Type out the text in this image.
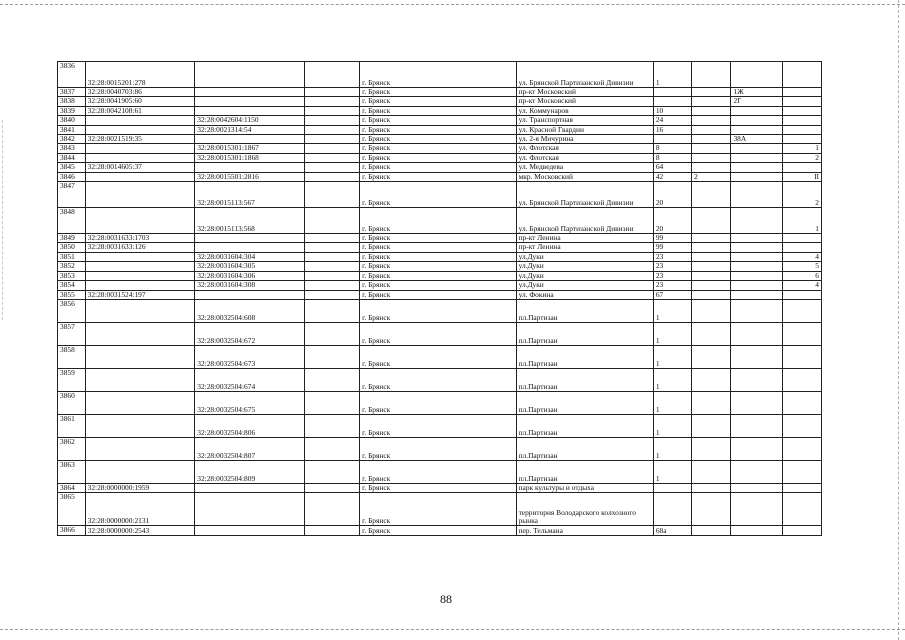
3836	32:28:0015201:278			г. Брянск	ул. Брянской Партизанской Дивизии	1			
3837	32:28:0040703:86			г. Брянск	пр-кт Московский			1Ж	
3838	32:28:0041905:60			г. Брянск	пр-кт Московский			2Г	
3839	32:28:0042108:61			г. Брянск	ул. Коммунаров	10			
3840		32:28:0042604:1150		г. Брянск	ул. Транспортная	24			
3841		32:28:0021314:54		г. Брянск	ул. Красной Гвардии	16			
3842	32:28:0021519:35			г. Брянск	ул. 2-я Мичурина			38А	
3843		32:28:0015301:1867		г. Брянск	ул. Флотская	8			1
3844		32:28:0015301:1868		г. Брянск	ул. Флотская	8			2
3845	32:28:0014605:37			г. Брянск	ул. Медведева	64			
3846		32:28:0015501:2816		г. Брянск	мкр. Московский	42	2		II
3847		32:28:0015113:567		г. Брянск	ул. Брянской Партизанской Дивизии	20			2
3848		32:28:0015113:568		г. Брянск	ул. Брянской Партизанской Дивизии	20			1
3849	32:28:0031633:1703			г. Брянск	пр-кт Ленина	99			
3850	32:28:0031633:126			г. Брянск	пр-кт Ленина	99			
3851		32:28:0031604:304		г. Брянск	ул.Дуки	23			4
3852		32:28:0031604:305		г. Брянск	ул.Дуки	23			5
3853		32:28:0031604:306		г. Брянск	ул.Дуки	23			6
3854		32:28:0031604:308		г. Брянск	ул.Дуки	23			4
3855	32:28:0031524:197			г. Брянск	ул. Фокина	67			
3856		32:28:0032504:608		г. Брянск	пл.Партизан	1			
3857		32:28:0032504:672		г. Брянск	пл.Партизан	1			
3858		32:28:0032504:673		г. Брянск	пл.Партизан	1			
3859		32:28:0032504:674		г. Брянск	пл.Партизан	1			
3860		32:28:0032504:675		г. Брянск	пл.Партизан	1			
3861		32:28:0032504:806		г. Брянск	пл.Партизан	1			
3862		32:28:0032504:807		г. Брянск	пл.Партизан	1			
3863		32:28:0032504:809		г. Брянск	пл.Партизан	1			
3864	32:28:0000000:1959			г. Брянск	парк культуры и отдыха				
3865	32:28:0000000:2131			г. Брянск	территория Володарского колхозного рынка				
3866	32:28:0000000:2543			г. Брянск	пер. Тельмана	68а			
88
